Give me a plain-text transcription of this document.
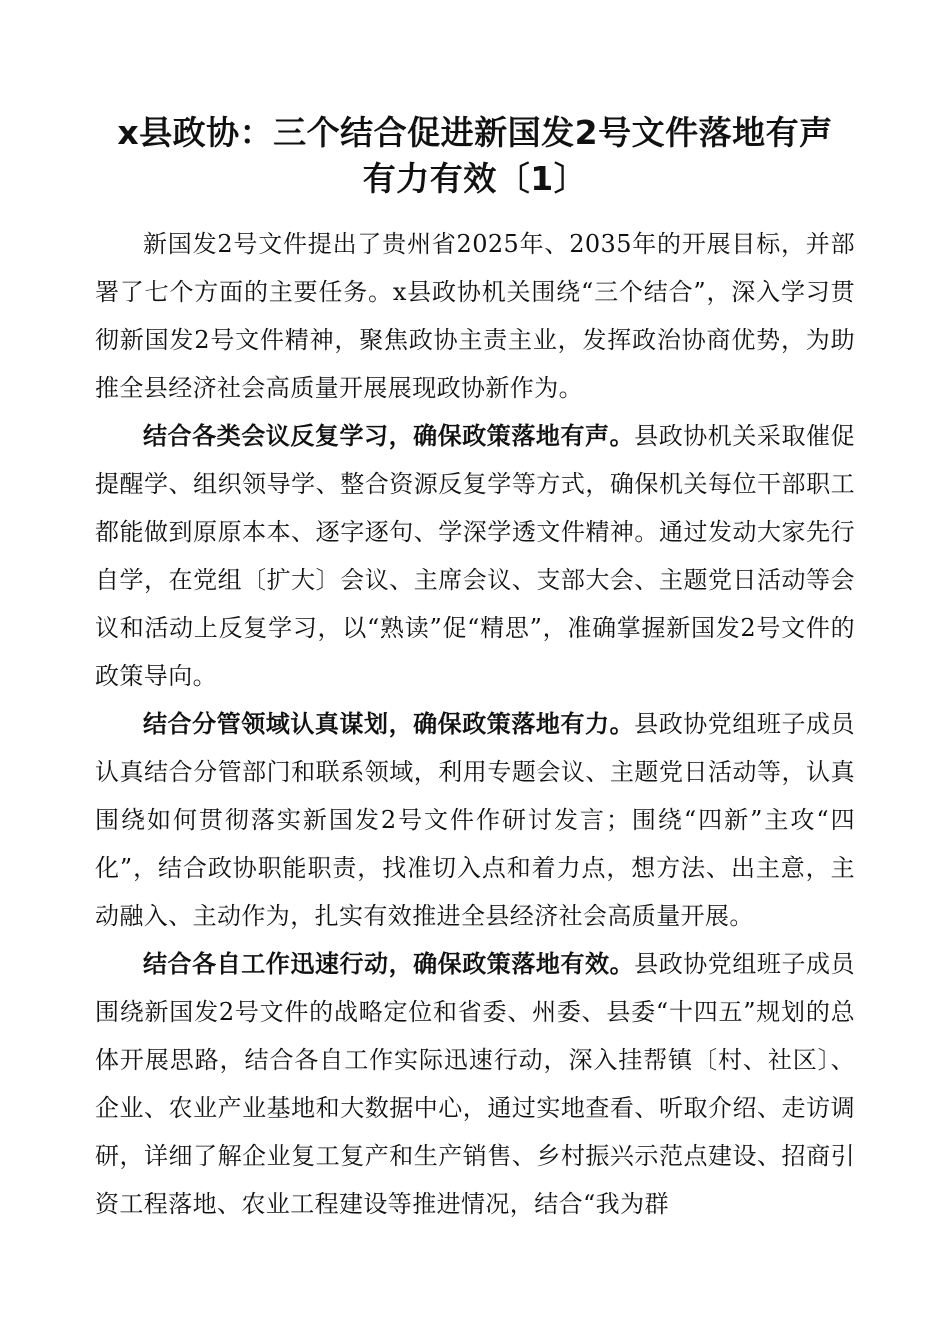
x县政协：三个结合促进新国发2号文件落地有声
有力有效〔1〕

新国发2号文件提出了贵州省2025年、2035年的开展目标，并部署了七个方面的主要任务。x县政协机关围绕“三个结合”，深入学习贯彻新国发2号文件精神，聚焦政协主责主业，发挥政治协商优势，为助推全县经济社会高质量开展展现政协新作为。

结合各类会议反复学习，确保政策落地有声。县政协机关采取催促提醒学、组织领导学、整合资源反复学等方式，确保机关每位干部职工都能做到原原本本、逐字逐句、学深学透文件精神。通过发动大家先行自学，在党组〔扩大〕会议、主席会议、支部大会、主题党日活动等会议和活动上反复学习，以“熟读”促“精思”，准确掌握新国发2号文件的政策导向。

结合分管领域认真谋划，确保政策落地有力。县政协党组班子成员认真结合分管部门和联系领域，利用专题会议、主题党日活动等，认真围绕如何贯彻落实新国发2号文件作研讨发言；围绕“四新”主攻“四化”，结合政协职能职责，找准切入点和着力点，想方法、出主意，主动融入、主动作为，扎实有效推进全县经济社会高质量开展。

结合各自工作迅速行动，确保政策落地有效。县政协党组班子成员围绕新国发2号文件的战略定位和省委、州委、县委“十四五”规划的总体开展思路，结合各自工作实际迅速行动，深入挂帮镇〔村、社区〕、企业、农业产业基地和大数据中心，通过实地查看、听取介绍、走访调研，详细了解企业复工复产和生产销售、乡村振兴示范点建设、招商引资工程落地、农业工程建设等推进情况，结合“我为群
